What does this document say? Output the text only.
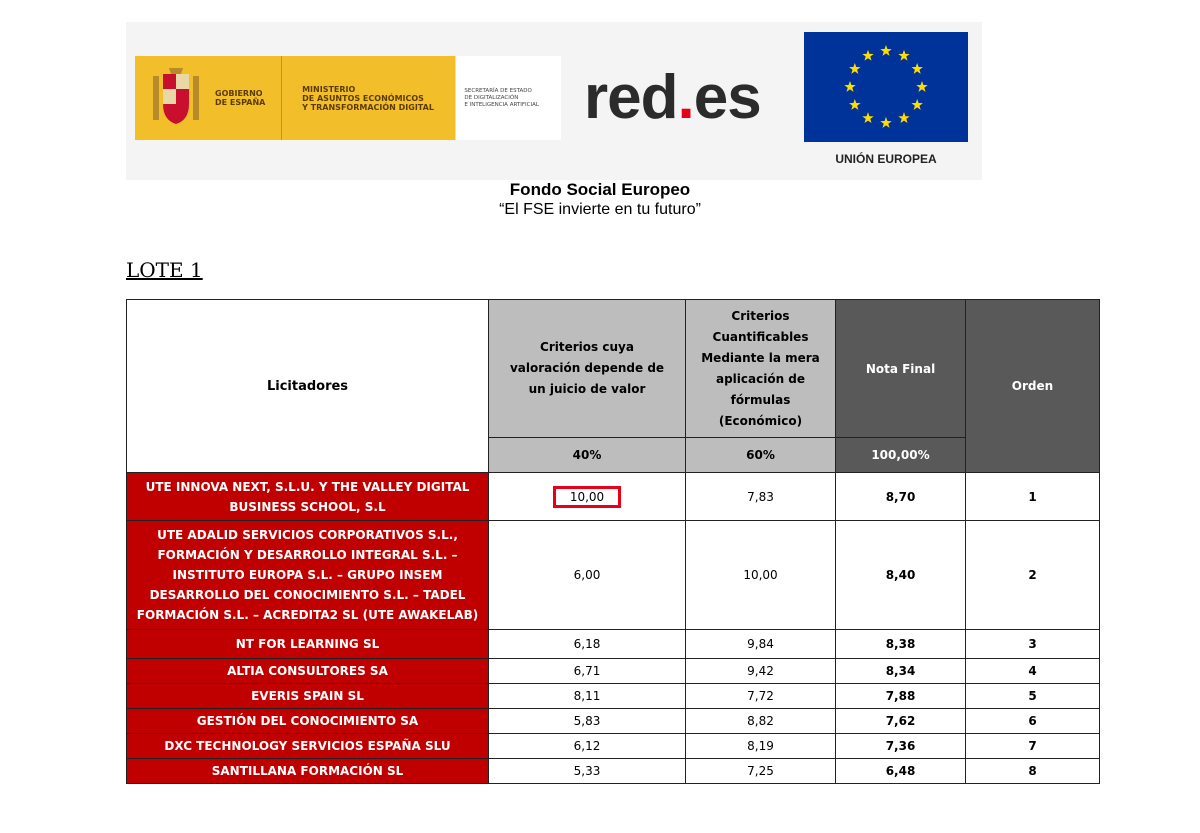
GOBIERNO
DE ESPAÑA
MINISTERIO
DE ASUNTOS ECONÓMICOS
Y TRANSFORMACIÓN DIGITAL
SECRETARÍA DE ESTADO
DE DIGITALIZACIÓN
E INTELIGENCIA ARTIFICIAL red.es
UNIÓN EUROPEA
Fondo Social Europeo
“El FSE invierte en tu futuro”
LOTE 1
Licitadores	Criterios cuya valoración depende de un juicio de valor	Criterios Cuantificables Mediante la mera aplicación de fórmulas (Económico)	Nota Final	Orden
	40%	60%	100,00%	
UTE INNOVA NEXT, S.L.U. Y THE VALLEY DIGITAL BUSINESS SCHOOL, S.L	10,00	7,83	8,70	1
UTE ADALID SERVICIOS CORPORATIVOS S.L., FORMACIÓN Y DESARROLLO INTEGRAL S.L. – INSTITUTO EUROPA S.L. – GRUPO INSEM DESARROLLO DEL CONOCIMIENTO S.L. – TADEL FORMACIÓN S.L. – ACREDITA2 SL (UTE AWAKELAB)	6,00	10,00	8,40	2
NT FOR LEARNING SL	6,18	9,84	8,38	3
ALTIA CONSULTORES SA	6,71	9,42	8,34	4
EVERIS SPAIN SL	8,11	7,72	7,88	5
GESTIÓN DEL CONOCIMIENTO SA	5,83	8,82	7,62	6
DXC TECHNOLOGY SERVICIOS ESPAÑA SLU	6,12	8,19	7,36	7
SANTILLANA FORMACIÓN SL	5,33	7,25	6,48	8
